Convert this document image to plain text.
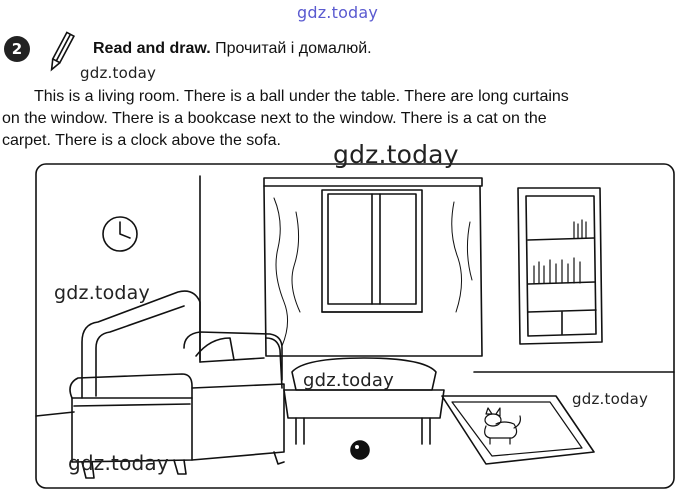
gdz.today
2	Read and draw. Прочитай і домалюй.
gdz.today

This is a living room. There is a ball under the table. There are long curtains
on the window. There is a bookcase next to the window. There is a cat on the
carpet. There is a clock above the sofa.	gdz.today
gdz.today
gdz.today
gdz.today
gdz.today
